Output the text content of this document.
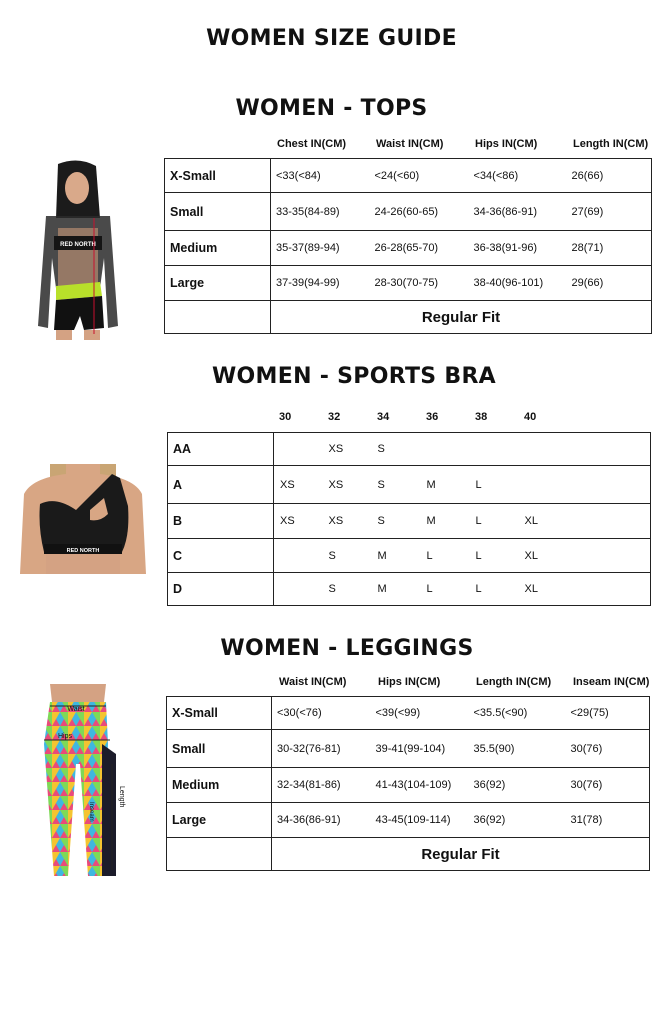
WOMEN SIZE GUIDE
WOMEN - TOPS
Chest IN(CM)	Waist IN(CM)	Hips IN(CM)	Length IN(CM)
RED NORTH
X-Small	<33(<84)	<24(<60)	<34(<86)	26(66)
Small	33-35(84-89)	24-26(60-65)	34-36(86-91)	27(69)
Medium	35-37(89-94)	26-28(65-70)	36-38(91-96)	28(71)
Large	37-39(94-99)	28-30(70-75)	38-40(96-101)	29(66)
	Regular Fit			
WOMEN - SPORTS BRA
30	32	34	36	38	40
RED NORTH
AA		XS	S			
A	XS	XS	S	M	L	
B	XS	XS	S	M	L	XL
C		S	M	L	L	XL
D		S	M	L	L	XL
WOMEN - LEGGINGS
Waist IN(CM)	Hips IN(CM)	Length IN(CM) Inseam IN(CM)
Waist
Hips
Length
Inseam
X-Small	<30(<76)	<39(<99)	<35.5(<90)	<29(75)
Small	30-32(76-81)	39-41(99-104)	35.5(90)	30(76)
Medium	32-34(81-86)	41-43(104-109)	36(92)	30(76)
Large	34-36(86-91)	43-45(109-114)	36(92)	31(78)
	Regular Fit			
